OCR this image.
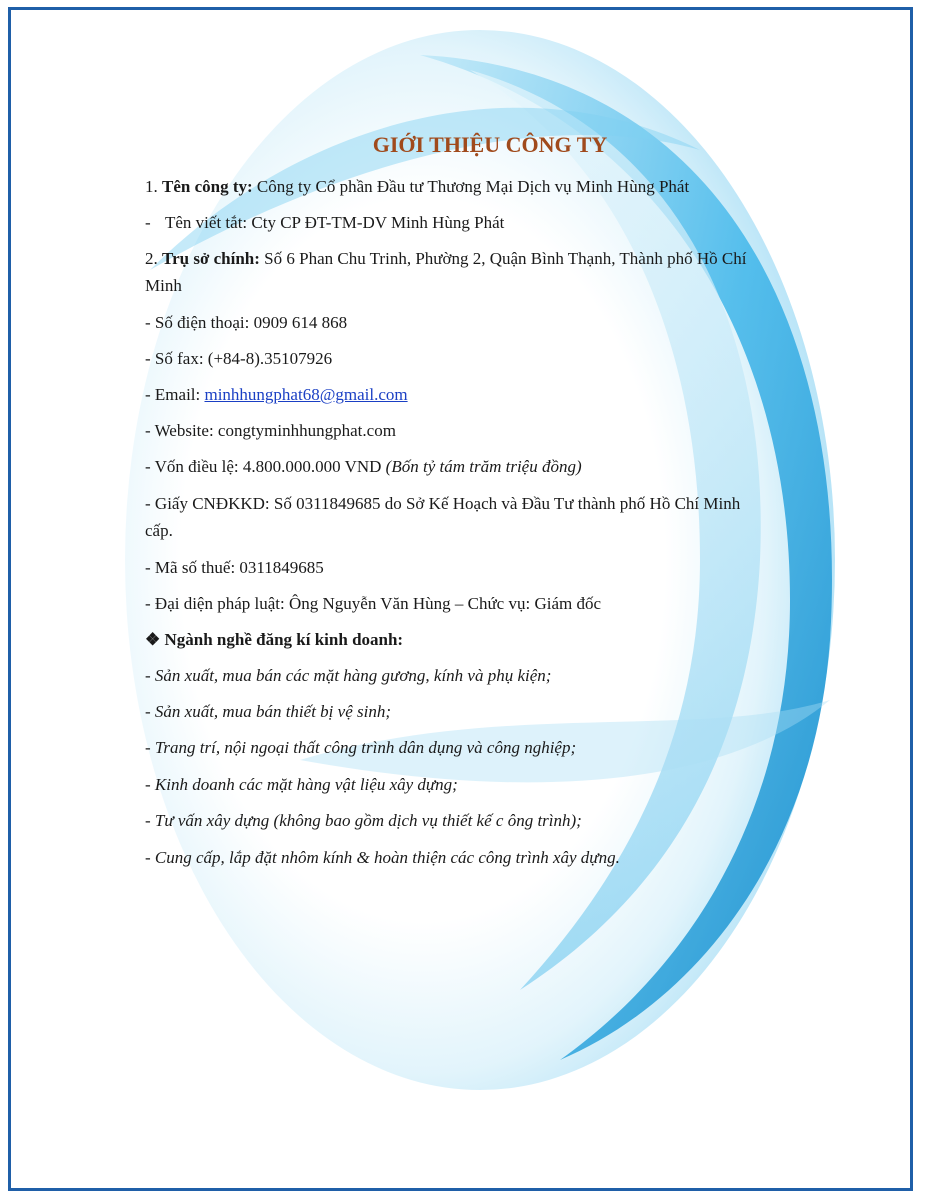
GIỚI THIỆU CÔNG TY
1. Tên công ty: Công ty Cổ phần Đầu tư Thương Mại Dịch vụ Minh Hùng Phát
- Tên viết tắt: Cty CP ĐT-TM-DV Minh Hùng Phát
2. Trụ sở chính: Số 6 Phan Chu Trinh, Phường 2, Quận Bình Thạnh, Thành phố Hồ Chí
Minh
- Số điện thoại: 0909 614 868
- Số fax: (+84-8).35107926
- Email: minhhungphat68@gmail.com
- Website: congtyminhhungphat.com
- Vốn điều lệ: 4.800.000.000 VND (Bốn tỷ tám trăm triệu đồng)
- Giấy CNĐKKD: Số 0311849685 do Sở Kế Hoạch và Đầu Tư thành phố Hồ Chí Minh
cấp.
- Mã số thuế: 0311849685
- Đại diện pháp luật: Ông Nguyễn Văn Hùng – Chức vụ: Giám đốc
❖ Ngành nghề đăng kí kinh doanh:
- Sản xuất, mua bán các mặt hàng gương, kính và phụ kiện;
- Sản xuất, mua bán thiết bị vệ sinh;
- Trang trí, nội ngoại thất công trình dân dụng và công nghiệp;
- Kinh doanh các mặt hàng vật liệu xây dựng;
- Tư vấn xây dựng (không bao gồm dịch vụ thiết kế c ông trình);
- Cung cấp, lắp đặt nhôm kính & hoàn thiện các công trình xây dựng.
